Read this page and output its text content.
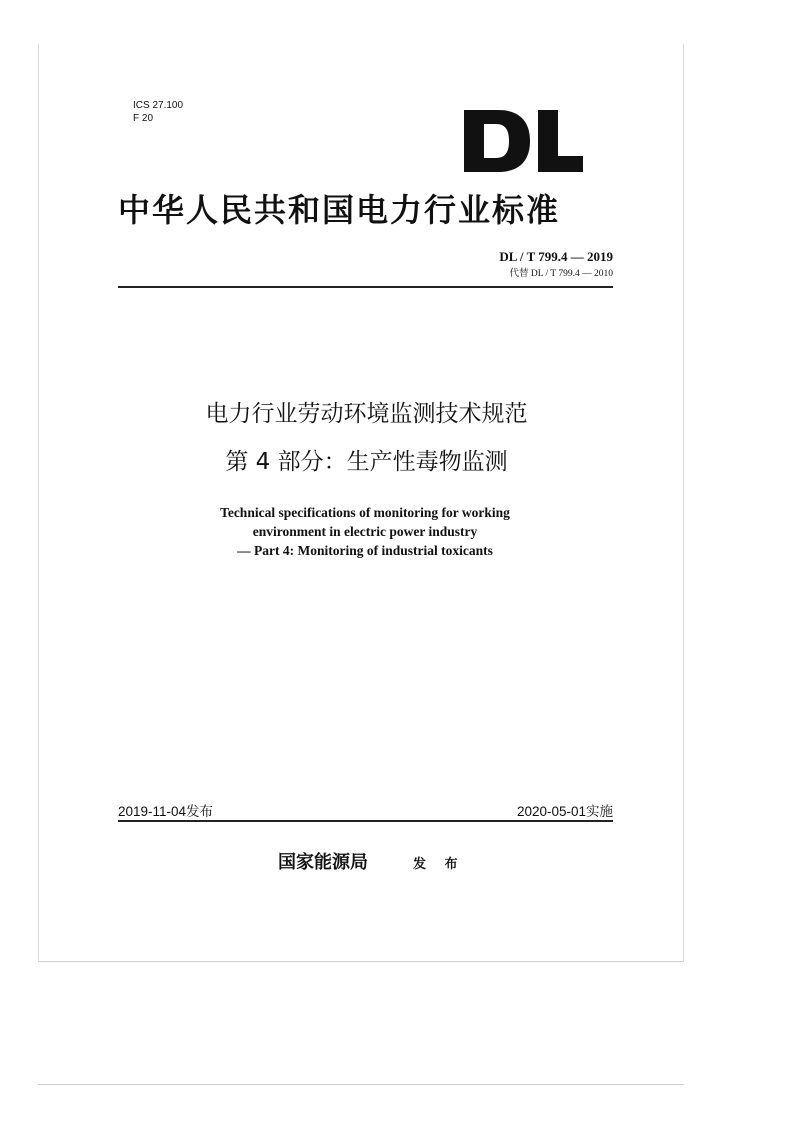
ICS 27.100
F 20
中华人民共和国电力行业标准
DL / T 799.4 — 2019
代替 DL / T 799.4 — 2010
电力行业劳动环境监测技术规范
第 4 部分：生产性毒物监测
Technical specifications of monitoring for working
environment in electric power industry
— Part 4: Monitoring of industrial toxicants
2019-11-04发布	2020-05-01实施
国家能源局	发 布
